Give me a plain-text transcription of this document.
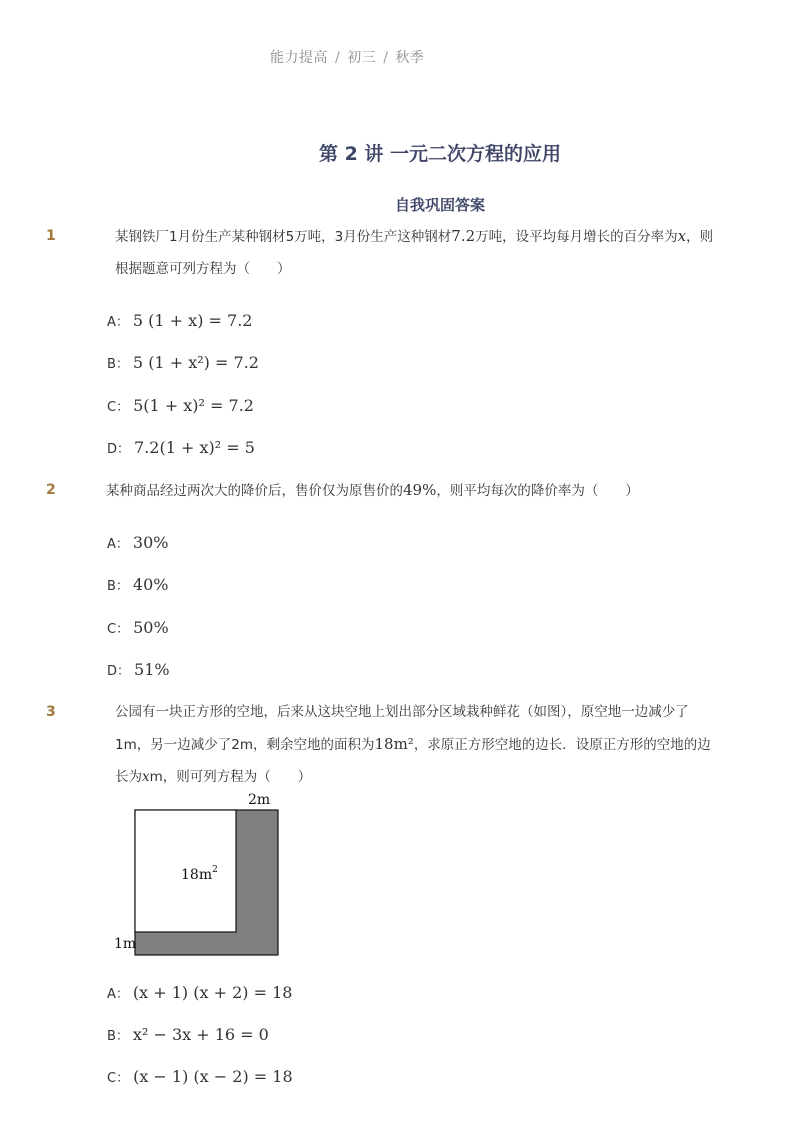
能力提高 / 初三 / 秋季
第 2 讲 一元二次方程的应用
自我巩固答案
1	某钢铁厂1月份生产某种钢材5万吨，3月份生产这种钢材7.2万吨，设平均每月增长的百分率为x，则根据题意可列方程为（　　）
A： 5 (1 + x) = 7.2
B： 5 (1 + x²) = 7.2
C： 5(1 + x)² = 7.2
D： 7.2(1 + x)² = 5
2	某种商品经过两次大的降价后，售价仅为原售价的49%，则平均每次的降价率为（　　）
A： 30%
B： 40%
C： 50%
D： 51%
3	公园有一块正方形的空地，后来从这块空地上划出部分区域栽种鲜花（如图），原空地一边减少了1m，另一边减少了2m，剩余空地的面积为18m²，求原正方形空地的边长．设原正方形的空地的边长为xm，则可列方程为（　　）
2m
$18m^2$
1m
A： (x + 1) (x + 2) = 18
B： x² − 3x + 16 = 0
C： (x − 1) (x − 2) = 18
